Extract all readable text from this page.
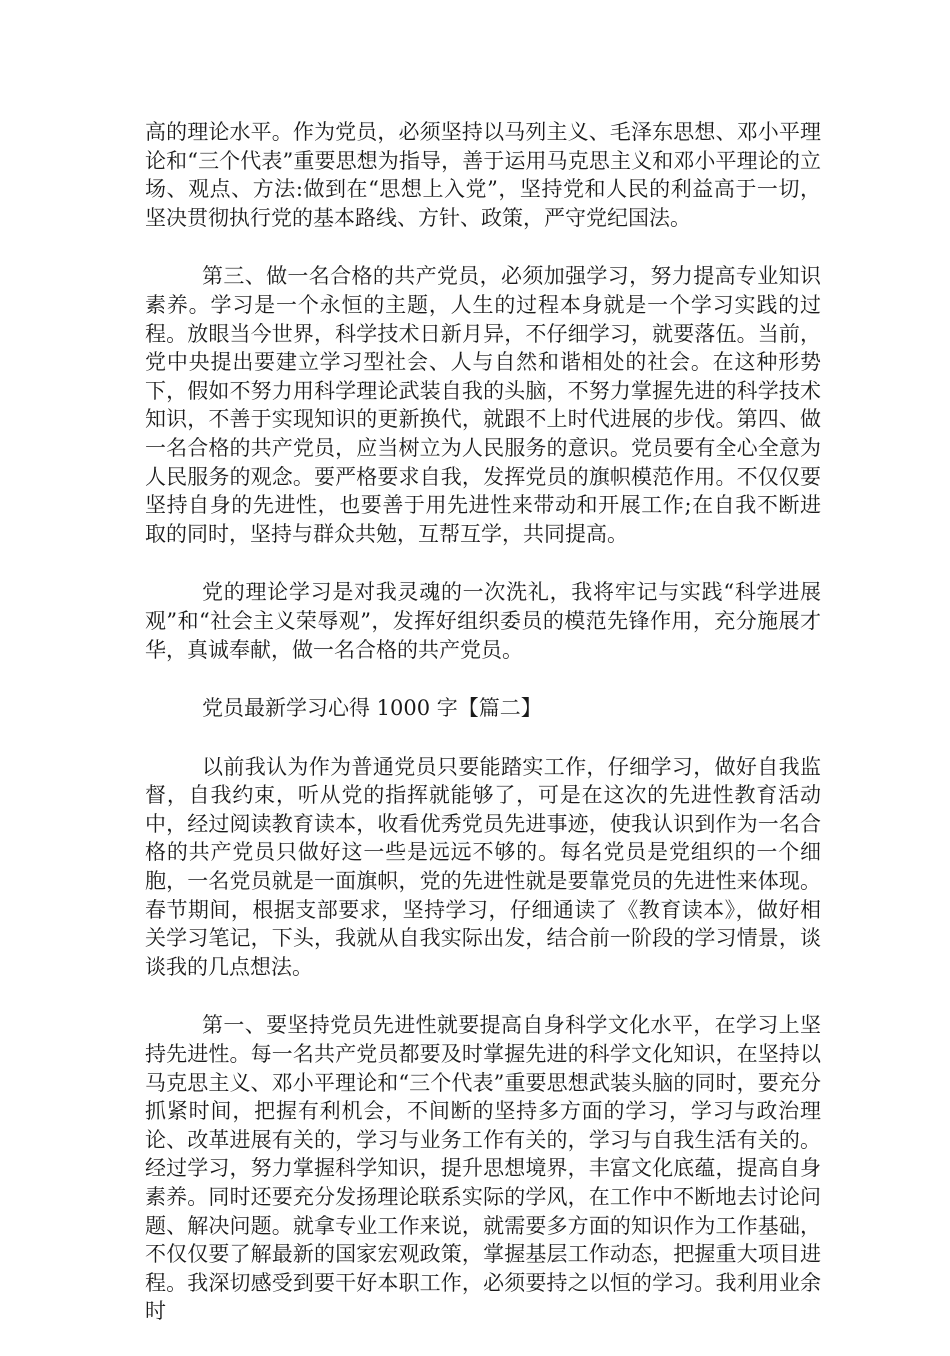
高的理论水平。作为党员，必须坚持以马列主义、毛泽东思想、邓小平理论和“三个代表”重要思想为指导，善于运用马克思主义和邓小平理论的立场、观点、方法:做到在“思想上入党”，坚持党和人民的利益高于一切，坚决贯彻执行党的基本路线、方针、政策，严守党纪国法。

第三、做一名合格的共产党员，必须加强学习，努力提高专业知识素养。学习是一个永恒的主题，人生的过程本身就是一个学习实践的过程。放眼当今世界，科学技术日新月异，不仔细学习，就要落伍。当前，党中央提出要建立学习型社会、人与自然和谐相处的社会。在这种形势下，假如不努力用科学理论武装自我的头脑，不努力掌握先进的科学技术知识，不善于实现知识的更新换代，就跟不上时代进展的步伐。第四、做一名合格的共产党员，应当树立为人民服务的意识。党员要有全心全意为人民服务的观念。要严格要求自我，发挥党员的旗帜模范作用。不仅仅要坚持自身的先进性，也要善于用先进性来带动和开展工作;在自我不断进取的同时，坚持与群众共勉，互帮互学，共同提高。

党的理论学习是对我灵魂的一次洗礼，我将牢记与实践“科学进展观”和“社会主义荣辱观”，发挥好组织委员的模范先锋作用，充分施展才华，真诚奉献，做一名合格的共产党员。

党员最新学习心得 1000 字【篇二】

以前我认为作为普通党员只要能踏实工作，仔细学习，做好自我监督，自我约束，听从党的指挥就能够了，可是在这次的先进性教育活动中，经过阅读教育读本，收看优秀党员先进事迹，使我认识到作为一名合格的共产党员只做好这一些是远远不够的。每名党员是党组织的一个细胞，一名党员就是一面旗帜，党的先进性就是要靠党员的先进性来体现。春节期间，根据支部要求，坚持学习，仔细通读了《教育读本》，做好相关学习笔记，下头，我就从自我实际出发，结合前一阶段的学习情景，谈谈我的几点想法。

第一、要坚持党员先进性就要提高自身科学文化水平，在学习上坚持先进性。每一名共产党员都要及时掌握先进的科学文化知识，在坚持以马克思主义、邓小平理论和“三个代表”重要思想武装头脑的同时，要充分抓紧时间，把握有利机会，不间断的坚持多方面的学习，学习与政治理论、改革进展有关的，学习与业务工作有关的，学习与自我生活有关的。经过学习，努力掌握科学知识，提升思想境界，丰富文化底蕴，提高自身素养。同时还要充分发扬理论联系实际的学风，在工作中不断地去讨论问题、解决问题。就拿专业工作来说，就需要多方面的知识作为工作基础，不仅仅要了解最新的国家宏观政策，掌握基层工作动态，把握重大项目进程。我深切感受到要干好本职工作，必须要持之以恒的学习。我利用业余时
